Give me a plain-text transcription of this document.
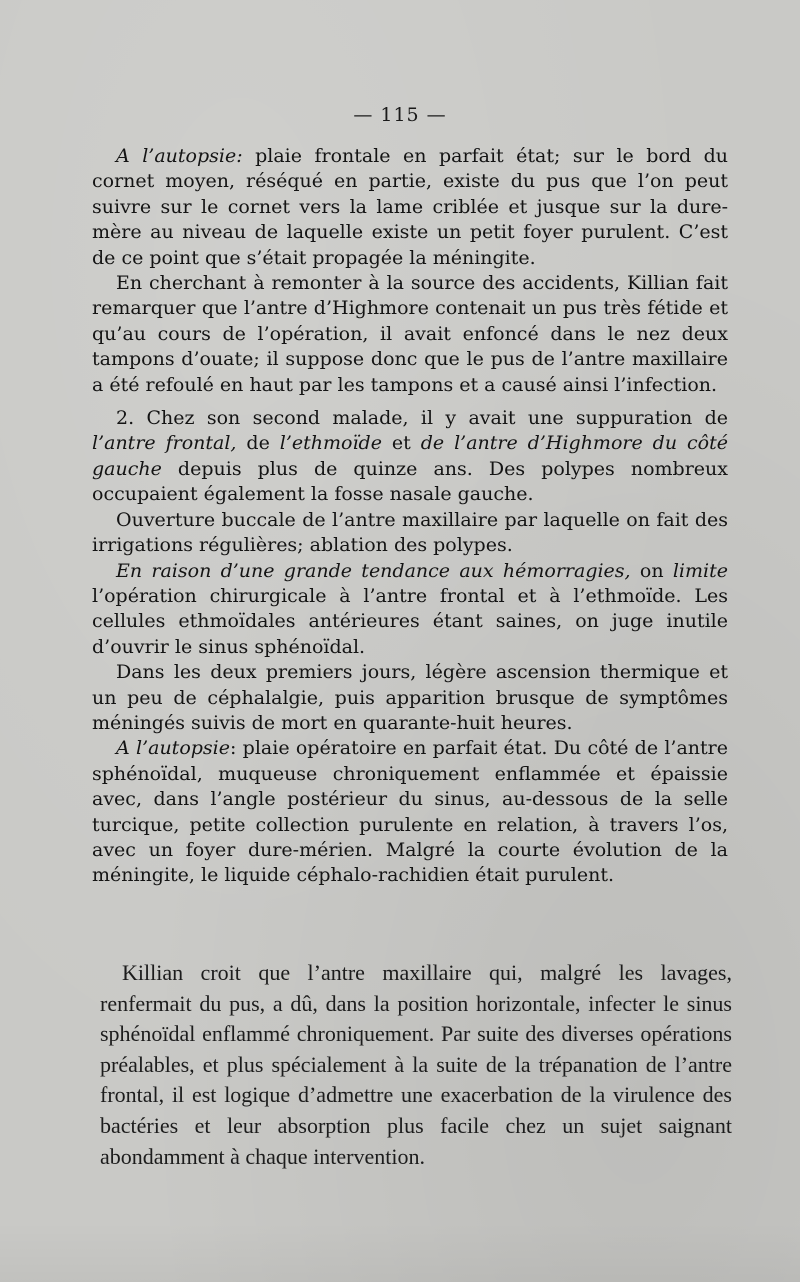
— 115 —

A l’autopsie: plaie frontale en parfait état; sur le bord du cornet moyen, réséqué en partie, existe du pus que l’on peut suivre sur le cornet vers la lame criblée et jusque sur la dure-mère au niveau de laquelle existe un petit foyer purulent. C’est de ce point que s’était propagée la méningite.

En cherchant à remonter à la source des accidents, Killian fait remarquer que l’antre d’Highmore contenait un pus très fétide et qu’au cours de l’opération, il avait enfoncé dans le nez deux tampons d’ouate; il suppose donc que le pus de l’antre maxillaire a été refoulé en haut par les tampons et a causé ainsi l’infection.

2. Chez son second malade, il y avait une suppuration de l’antre frontal, de l’ethmoïde et de l’antre d’Highmore du côté gauche depuis plus de quinze ans. Des polypes nombreux occupaient également la fosse nasale gauche.

Ouverture buccale de l’antre maxillaire par laquelle on fait des irrigations régulières; ablation des polypes.

En raison d’une grande tendance aux hémorragies, on limite l’opération chirurgicale à l’antre frontal et à l’ethmoïde. Les cellules ethmoïdales antérieures étant saines, on juge inutile d’ouvrir le sinus sphénoïdal.

Dans les deux premiers jours, légère ascension thermique et un peu de céphalalgie, puis apparition brusque de symptômes méningés suivis de mort en quarante-huit heures.

A l’autopsie: plaie opératoire en parfait état. Du côté de l’antre sphénoïdal, muqueuse chroniquement enflammée et épaissie avec, dans l’angle postérieur du sinus, au-dessous de la selle turcique, petite collection purulente en relation, à travers l’os, avec un foyer dure-mérien. Malgré la courte évolution de la méningite, le liquide céphalo-rachidien était purulent.

Killian croit que l’antre maxillaire qui, malgré les lavages, renfermait du pus, a dû, dans la position horizontale, infecter le sinus sphénoïdal enflammé chroniquement. Par suite des diverses opérations préalables, et plus spécialement à la suite de la trépanation de l’antre frontal, il est logique d’admettre une exacerbation de la virulence des bactéries et leur absorption plus facile chez un sujet saignant abondamment à chaque intervention.
